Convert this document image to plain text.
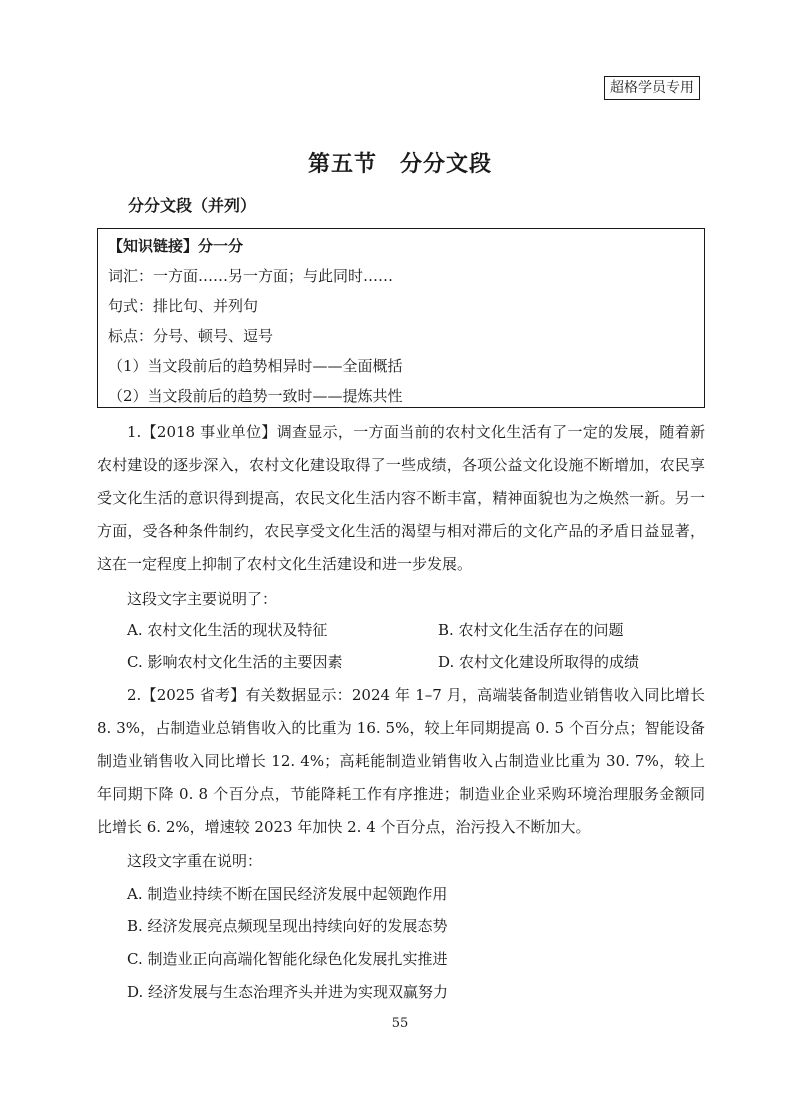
超格学员专用
第五节　分分文段
分分文段（并列）
【知识链接】分一分
词汇：一方面……另一方面；与此同时……
句式：排比句、并列句
标点：分号、顿号、逗号
（1）当文段前后的趋势相异时——全面概括
（2）当文段前后的趋势一致时——提炼共性
1.【2018 事业单位】调查显示，一方面当前的农村文化生活有了一定的发展，随着新农村建设的逐步深入，农村文化建设取得了一些成绩，各项公益文化设施不断增加，农民享受文化生活的意识得到提高，农民文化生活内容不断丰富，精神面貌也为之焕然一新。另一方面，受各种条件制约，农民享受文化生活的渴望与相对滞后的文化产品的矛盾日益显著，这在一定程度上抑制了农村文化生活建设和进一步发展。
这段文字主要说明了：
A. 农村文化生活的现状及特征	B. 农村文化生活存在的问题
C. 影响农村文化生活的主要因素	D. 农村文化建设所取得的成绩
2.【2025 省考】有关数据显示：2024 年 1–7 月，高端装备制造业销售收入同比增长 8. 3%，占制造业总销售收入的比重为 16. 5%，较上年同期提高 0. 5 个百分点；智能设备制造业销售收入同比增长 12. 4%；高耗能制造业销售收入占制造业比重为 30. 7%，较上年同期下降 0. 8 个百分点，节能降耗工作有序推进；制造业企业采购环境治理服务金额同比增长 6. 2%，增速较 2023 年加快 2. 4 个百分点，治污投入不断加大。
这段文字重在说明：
A. 制造业持续不断在国民经济发展中起领跑作用
B. 经济发展亮点频现呈现出持续向好的发展态势
C. 制造业正向高端化智能化绿色化发展扎实推进
D. 经济发展与生态治理齐头并进为实现双赢努力
55
